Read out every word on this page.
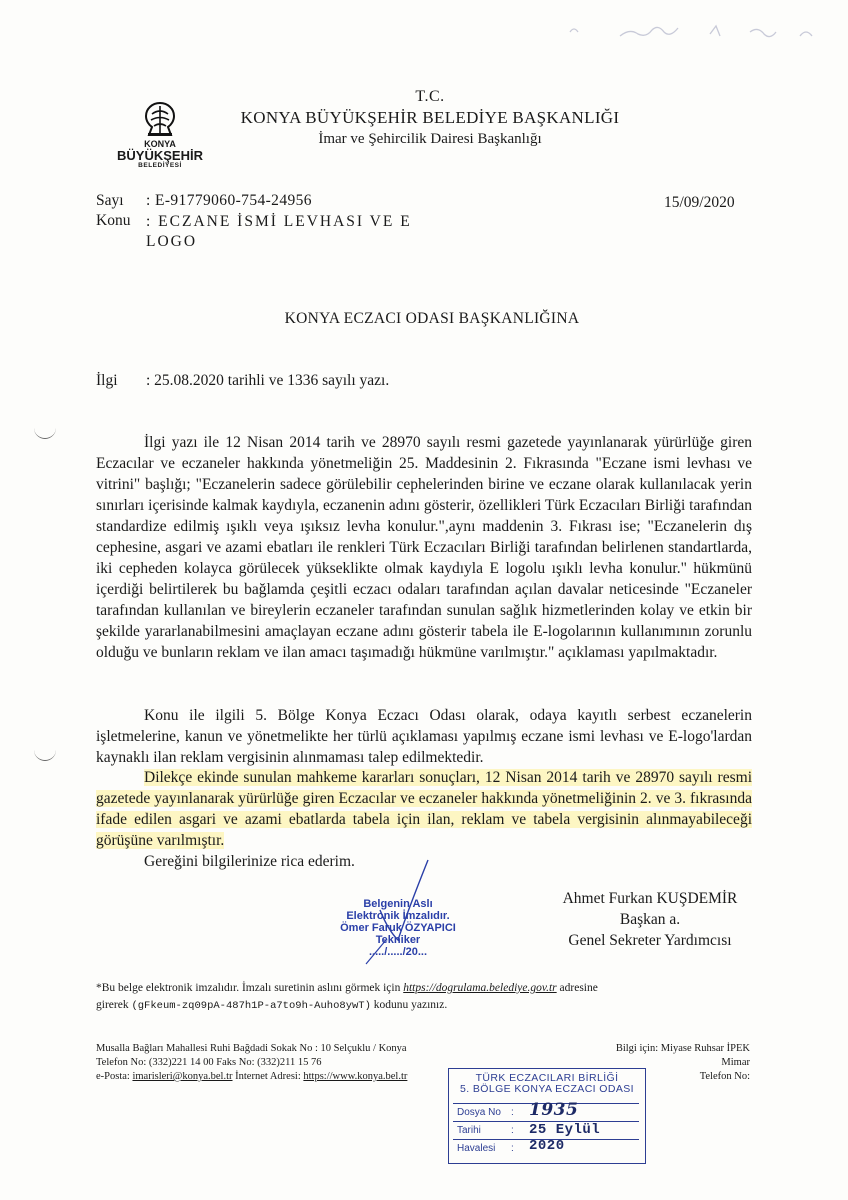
KONYA
BÜYÜKŞEHİR
BELEDİYESİ
T.C.
KONYA BÜYÜKŞEHİR BELEDİYE BAŞKANLIĞI
İmar ve Şehircilik Dairesi Başkanlığı
Sayı : E-91779060-754-24956
Konu : ECZANE İSMİ LEVHASI VE E LOGO
15/09/2020
KONYA ECZACI ODASI BAŞKANLIĞINA
İlgi : 25.08.2020 tarihli ve 1336 sayılı yazı.
İlgi yazı ile 12 Nisan 2014 tarih ve 28970 sayılı resmi gazetede yayınlanarak yürürlüğe giren Eczacılar ve eczaneler hakkında yönetmeliğin 25. Maddesinin 2. Fıkrasında "Eczane ismi levhası ve vitrini" başlığı; "Eczanelerin sadece görülebilir cephelerinden birine ve eczane olarak kullanılacak yerin sınırları içerisinde kalmak kaydıyla, eczanenin adını gösterir, özellikleri Türk Eczacıları Birliği tarafından standardize edilmiş ışıklı veya ışıksız levha konulur.",aynı maddenin 3. Fıkrası ise; "Eczanelerin dış cephesine, asgari ve azami ebatları ile renkleri Türk Eczacıları Birliği tarafından belirlenen standartlarda, iki cepheden kolayca görülecek yükseklikte olmak kaydıyla E logolu ışıklı levha konulur." hükmünü içerdiği belirtilerek bu bağlamda çeşitli eczacı odaları tarafından açılan davalar neticesinde "Eczaneler tarafından kullanılan ve bireylerin eczaneler tarafından sunulan sağlık hizmetlerinden kolay ve etkin bir şekilde yararlanabilmesini amaçlayan eczane adını gösterir tabela ile E-logolarının kullanımının zorunlu olduğu ve bunların reklam ve ilan amacı taşımadığı hükmüne varılmıştır." açıklaması yapılmaktadır.
Konu ile ilgili 5. Bölge Konya Eczacı Odası olarak, odaya kayıtlı serbest eczanelerin işletmelerine, kanun ve yönetmelikte her türlü açıklaması yapılmış eczane ismi levhası ve E-logo'lardan kaynaklı ilan reklam vergisinin alınmaması talep edilmektedir.
Dilekçe ekinde sunulan mahkeme kararları sonuçları, 12 Nisan 2014 tarih ve 28970 sayılı resmi gazetede yayınlanarak yürürlüğe giren Eczacılar ve eczaneler hakkında yönetmeliğinin 2. ve 3. fıkrasında ifade edilen asgari ve azami ebatlarda tabela için ilan, reklam ve tabela vergisinin alınmayabileceği görüşüne varılmıştır.
Gereğini bilgilerinize rica ederim.
Ahmet Furkan KUŞDEMİR
Başkan a.
Genel Sekreter Yardımcısı
Belgenin Aslı
Elektronik İmzalıdır.
Ömer Faruk ÖZYAPICI
Tekniker
...../...../20...
*Bu belge elektronik imzalıdır. İmzalı suretinin aslını görmek için https://dogrulama.belediye.gov.tr adresine
girerek (gFkeum-zq09pA-487h1P-a7to9h-Auho8ywT) kodunu yazınız.
Musalla Bağları Mahallesi Ruhi Bağdadi Sokak No : 10 Selçuklu / Konya
Telefon No: (332)221 14 00 Faks No: (332)211 15 76
e-Posta: imarisleri@konya.bel.tr İnternet Adresi: https://www.konya.bel.tr
Bilgi için: Miyase Ruhsar İPEK
Mimar
Telefon No:
TÜRK ECZACILARI BİRLİĞİ
5. BÖLGE KONYA ECZACI ODASI
Dosya No : 1935
Tarihi	: 25 Eylül 2020
Havalesi :
